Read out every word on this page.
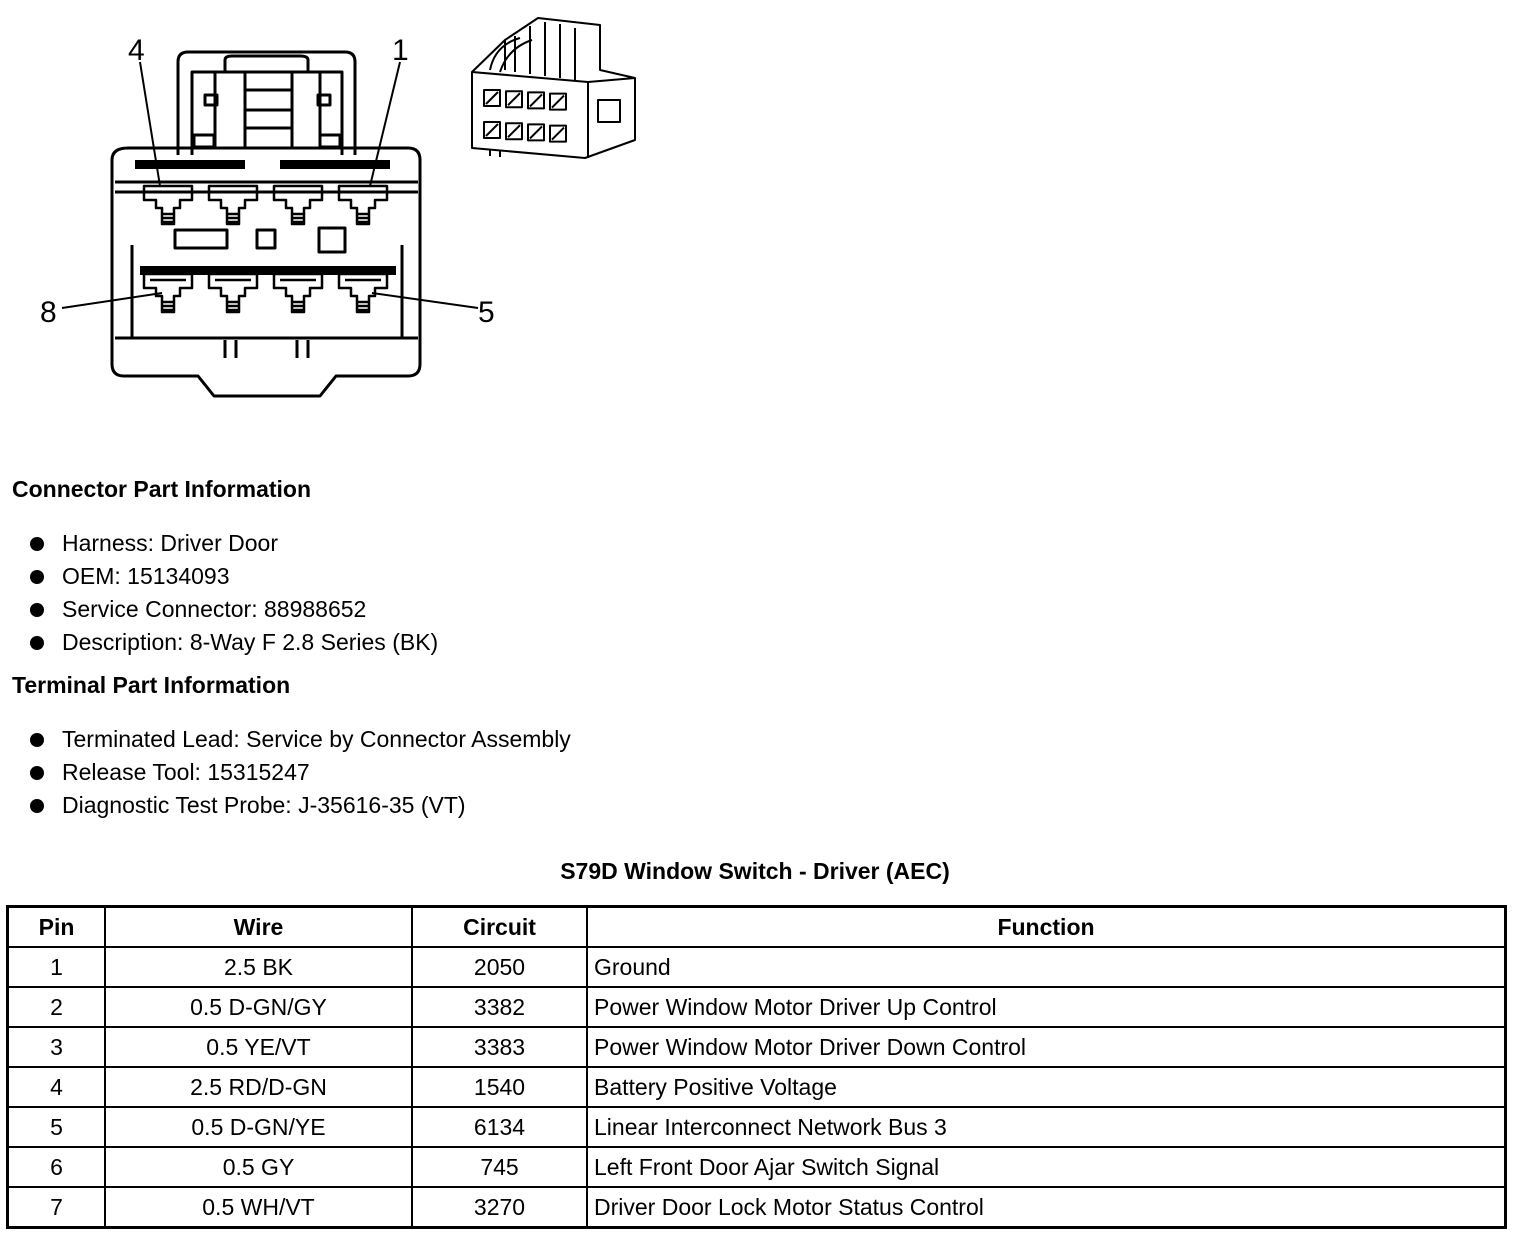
4	1
8	5
Connector Part Information
Harness: Driver Door
OEM: 15134093
Service Connector: 88988652
Description: 8-Way F 2.8 Series (BK)
Terminal Part Information
Terminated Lead: Service by Connector Assembly
Release Tool: 15315247
Diagnostic Test Probe: J-35616-35 (VT)
S79D Window Switch - Driver (AEC)
Pin	Wire	Circuit	Function
1	2.5 BK	2050	Ground
2	0.5 D-GN/GY	3382	Power Window Motor Driver Up Control
3	0.5 YE/VT	3383	Power Window Motor Driver Down Control
4	2.5 RD/D-GN	1540	Battery Positive Voltage
5	0.5 D-GN/YE	6134	Linear Interconnect Network Bus 3
6	0.5 GY	745	Left Front Door Ajar Switch Signal
7	0.5 WH/VT	3270	Driver Door Lock Motor Status Control
